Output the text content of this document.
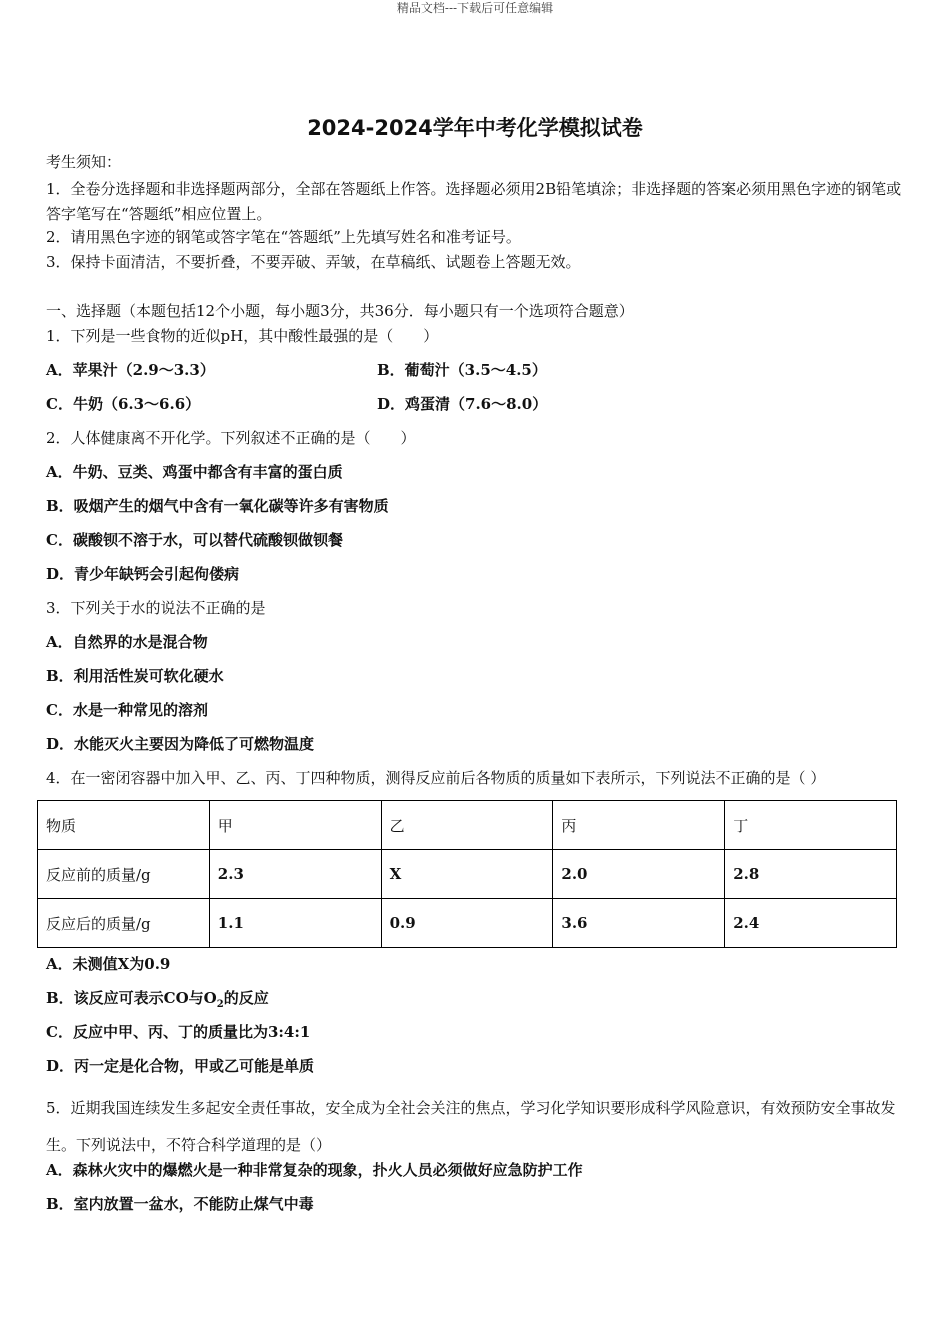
精品文档---下载后可任意编辑
2024-2024学年中考化学模拟试卷
考生须知：
1．全卷分选择题和非选择题两部分，全部在答题纸上作答。选择题必须用2B铅笔填涂；非选择题的答案必须用黑色字迹的钢笔或答字笔写在“答题纸”相应位置上。
2．请用黑色字迹的钢笔或答字笔在“答题纸”上先填写姓名和准考证号。
3．保持卡面清洁，不要折叠，不要弄破、弄皱，在草稿纸、试题卷上答题无效。
一、选择题（本题包括12个小题，每小题3分，共36分．每小题只有一个选项符合题意）
1．下列是一些食物的近似pH，其中酸性最强的是（　　）
A．苹果汁（2.9～3.3）	B．葡萄汁（3.5～4.5）
C．牛奶（6.3～6.6）	D．鸡蛋清（7.6～8.0）
2．人体健康离不开化学。下列叙述不正确的是（　　）
A．牛奶、豆类、鸡蛋中都含有丰富的蛋白质
B．吸烟产生的烟气中含有一氧化碳等许多有害物质
C．碳酸钡不溶于水，可以替代硫酸钡做钡餐
D．青少年缺钙会引起佝偻病
3．下列关于水的说法不正确的是
A．自然界的水是混合物
B．利用活性炭可软化硬水
C．水是一种常见的溶剂
D．水能灭火主要因为降低了可燃物温度
4．在一密闭容器中加入甲、乙、丙、丁四种物质，测得反应前后各物质的质量如下表所示，下列说法不正确的是（ ）
物质	甲	乙	丙	丁
反应前的质量/g	2.3	X	2.0	2.8
反应后的质量/g	1.1	0.9	3.6	2.4
A．未测值X为0.9
B．该反应可表示CO与$O_2$的反应
C．反应中甲、丙、丁的质量比为3:4:1
D．丙一定是化合物，甲或乙可能是单质
5．近期我国连续发生多起安全责任事故，安全成为全社会关注的焦点，学习化学知识要形成科学风险意识，有效预防安全事故发生。下列说法中，不符合科学道理的是（）
A．森林火灾中的爆燃火是一种非常复杂的现象，扑火人员必须做好应急防护工作
B．室内放置一盆水，不能防止煤气中毒
